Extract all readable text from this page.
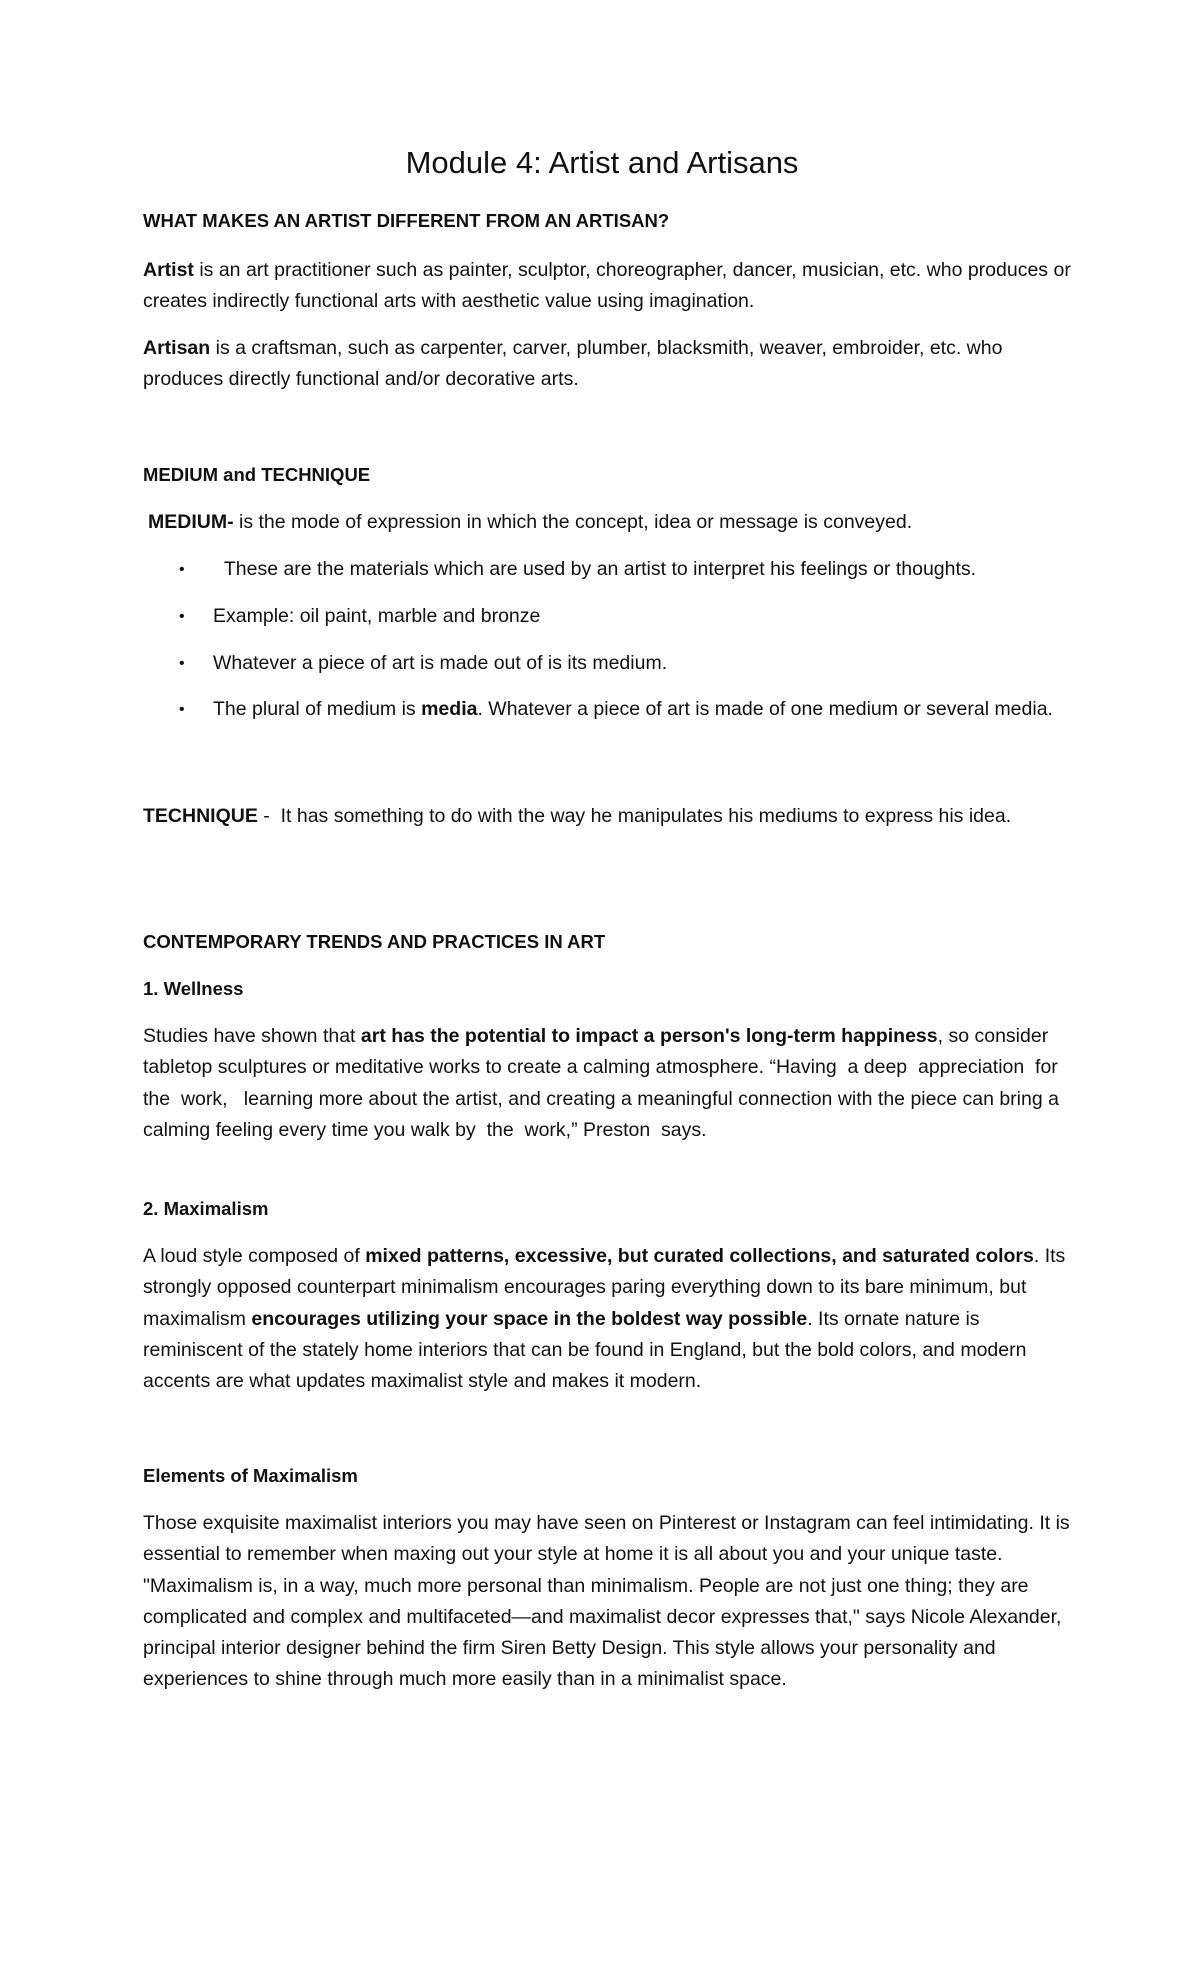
Module 4: Artist and Artisans

WHAT MAKES AN ARTIST DIFFERENT FROM AN ARTISAN?

Artist is an art practitioner such as painter, sculptor, choreographer, dancer, musician, etc. who produces or creates indirectly functional arts with aesthetic value using imagination.

Artisan is a craftsman, such as carpenter, carver, plumber, blacksmith, weaver, embroider, etc. who produces directly functional and/or decorative arts.

MEDIUM and TECHNIQUE

MEDIUM- is the mode of expression in which the concept, idea or message is conveyed.

• These are the materials which are used by an artist to interpret his feelings or thoughts.
• Example: oil paint, marble and bronze
• Whatever a piece of art is made out of is its medium.
• The plural of medium is media. Whatever a piece of art is made of one medium or several media.

TECHNIQUE -  It has something to do with the way he manipulates his mediums to express his idea.

CONTEMPORARY TRENDS AND PRACTICES IN ART

1. Wellness

Studies have shown that art has the potential to impact a person's long-term happiness, so consider tabletop sculptures or meditative works to create a calming atmosphere. “Having  a deep  appreciation  for  the  work,   learning more about the artist, and creating a meaningful connection with the piece can bring a calming feeling every time you walk by  the  work,” Preston  says.

2. Maximalism

A loud style composed of mixed patterns, excessive, but curated collections, and saturated colors. Its strongly opposed counterpart minimalism encourages paring everything down to its bare minimum, but maximalism encourages utilizing your space in the boldest way possible. Its ornate nature is reminiscent of the stately home interiors that can be found in England, but the bold colors, and modern accents are what updates maximalist style and makes it modern.

Elements of Maximalism

Those exquisite maximalist interiors you may have seen on Pinterest or Instagram can feel intimidating. It is essential to remember when maxing out your style at home it is all about you and your unique taste. "Maximalism is, in a way, much more personal than minimalism. People are not just one thing; they are complicated and complex and multifaceted—and maximalist decor expresses that," says Nicole Alexander, principal interior designer behind the firm Siren Betty Design. This style allows your personality and experiences to shine through much more easily than in a minimalist space.
